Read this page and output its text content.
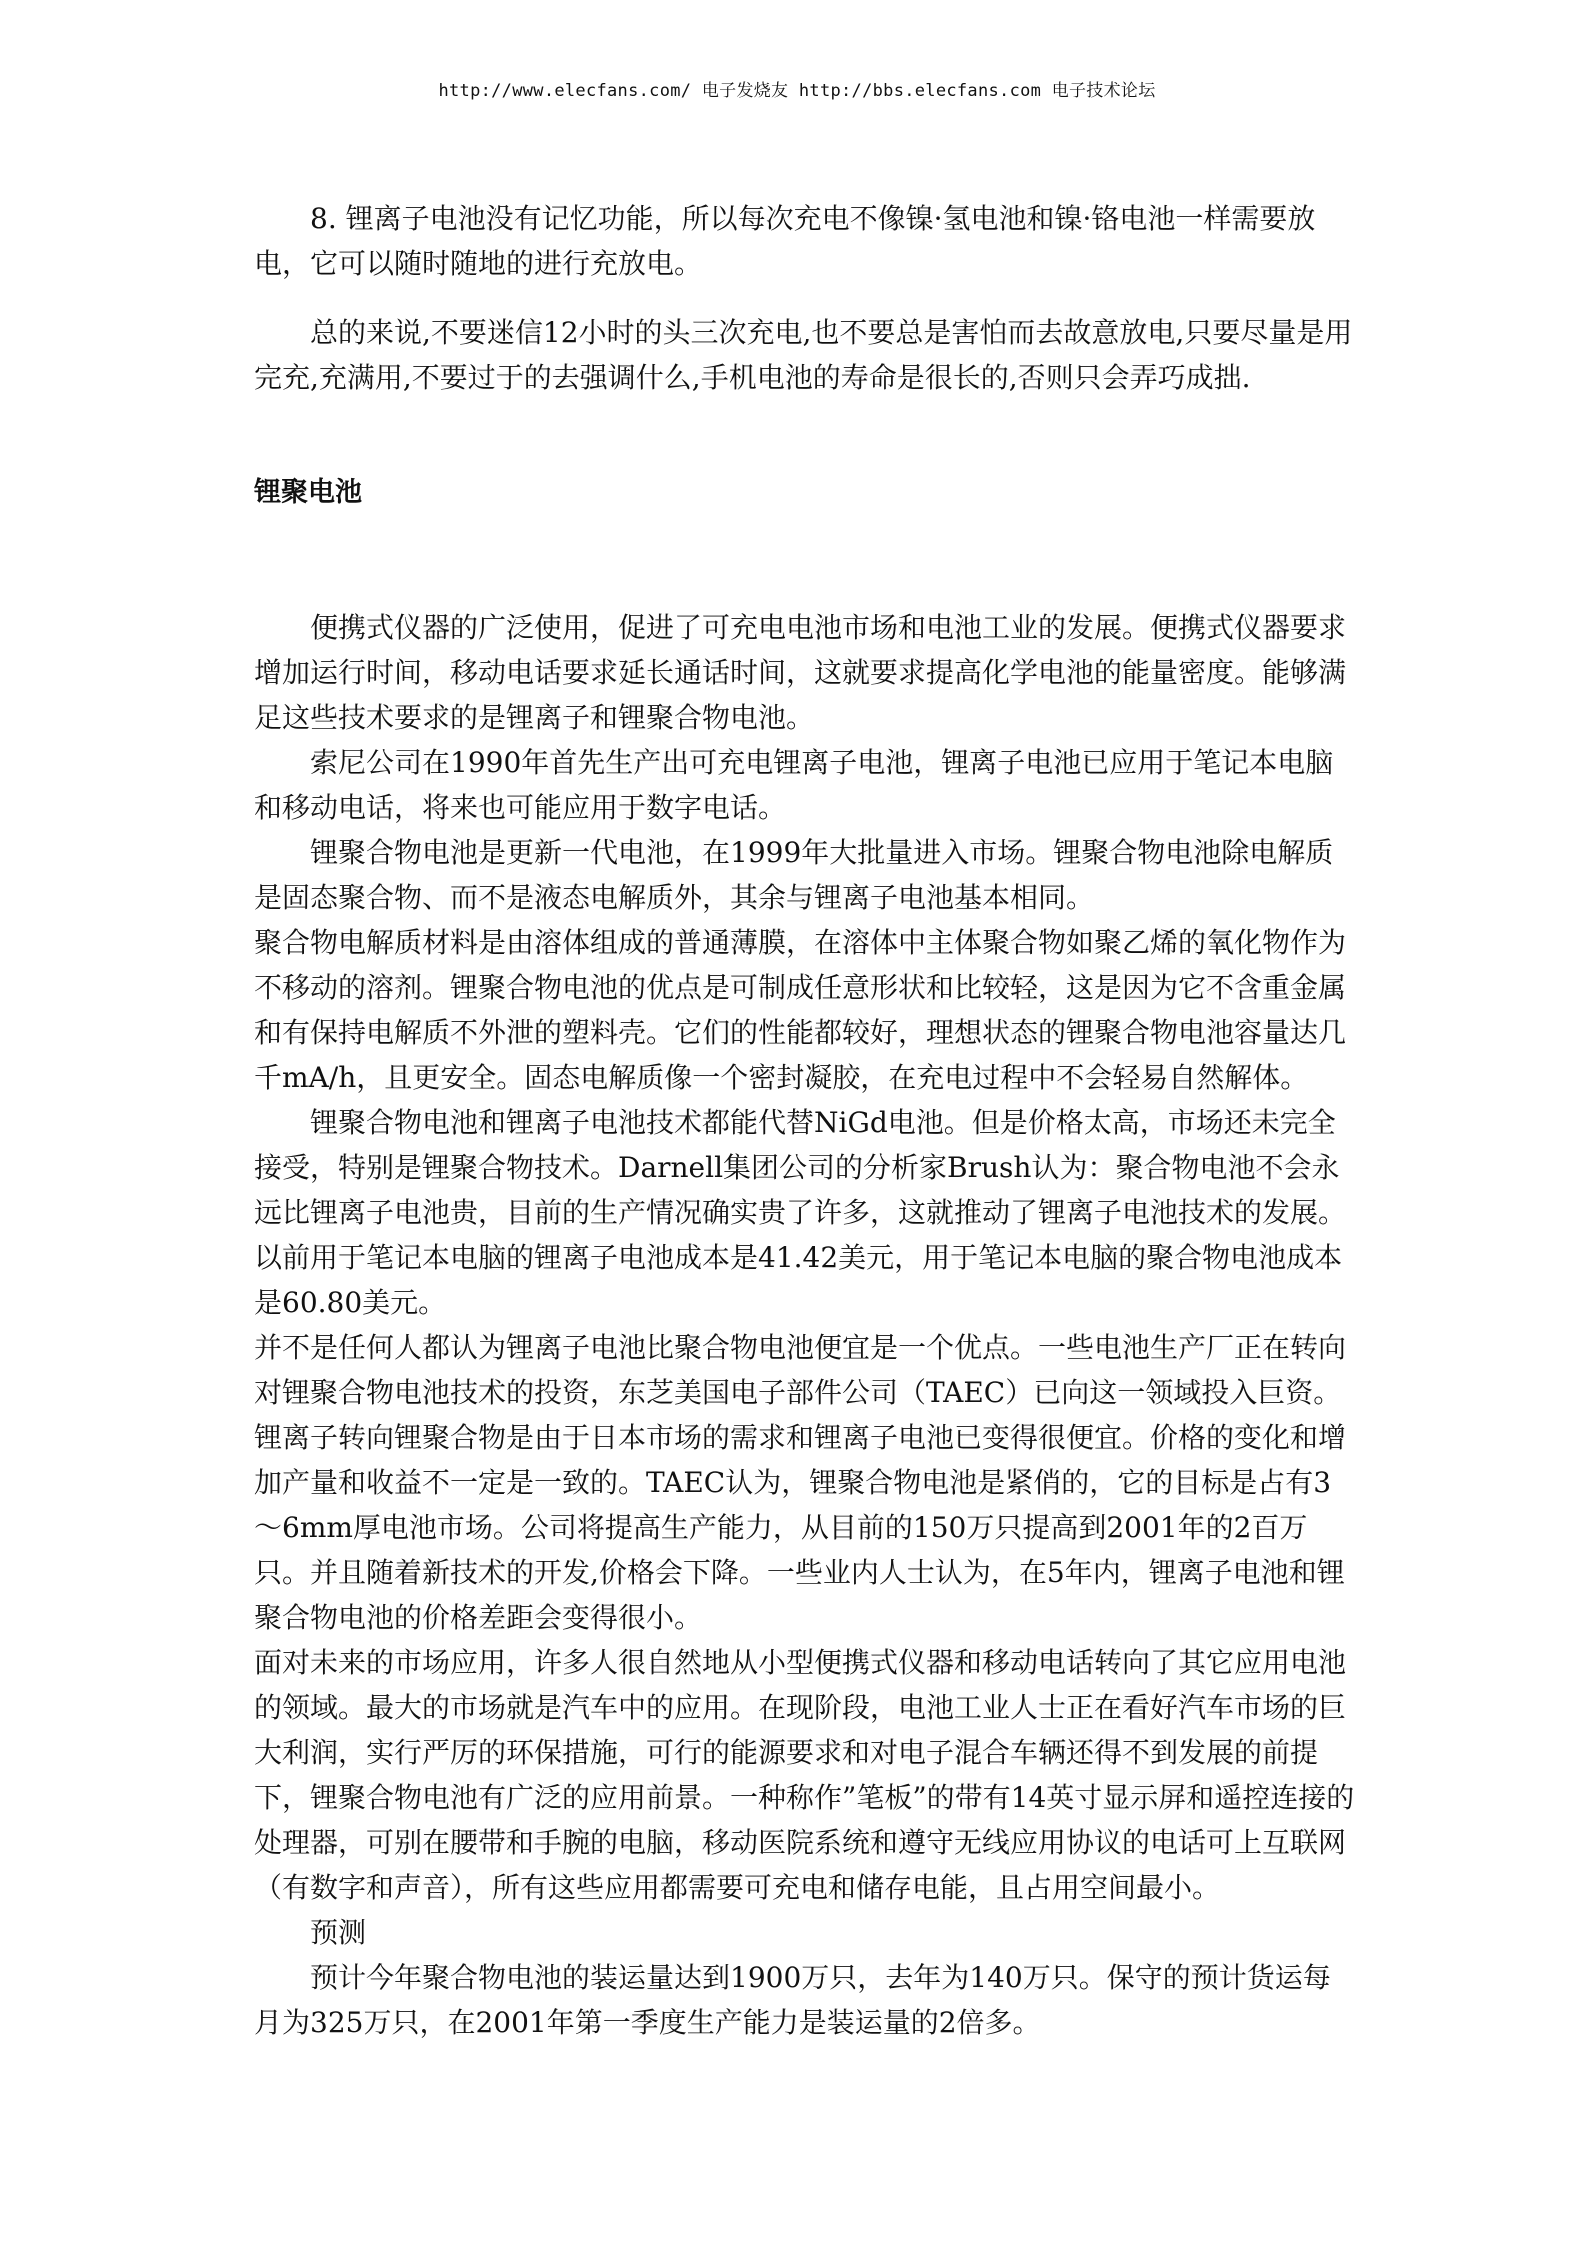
http://www.elecfans.com/ 电子发烧友 http://bbs.elecfans.com 电子技术论坛

8. 锂离子电池没有记忆功能，所以每次充电不像镍·氢电池和镍·铬电池一样需要放电，它可以随时随地的进行充放电。

总的来说,不要迷信12小时的头三次充电,也不要总是害怕而去故意放电,只要尽量是用完充,充满用,不要过于的去强调什么,手机电池的寿命是很长的,否则只会弄巧成拙.

锂聚电池

便携式仪器的广泛使用，促进了可充电电池市场和电池工业的发展。便携式仪器要求增加运行时间，移动电话要求延长通话时间，这就要求提高化学电池的能量密度。能够满足这些技术要求的是锂离子和锂聚合物电池。

索尼公司在1990年首先生产出可充电锂离子电池，锂离子电池已应用于笔记本电脑和移动电话，将来也可能应用于数字电话。

锂聚合物电池是更新一代电池，在1999年大批量进入市场。锂聚合物电池除电解质是固态聚合物、而不是液态电解质外，其余与锂离子电池基本相同。

聚合物电解质材料是由溶体组成的普通薄膜，在溶体中主体聚合物如聚乙烯的氧化物作为不移动的溶剂。锂聚合物电池的优点是可制成任意形状和比较轻，这是因为它不含重金属和有保持电解质不外泄的塑料壳。它们的性能都较好，理想状态的锂聚合物电池容量达几千mA/h，且更安全。固态电解质像一个密封凝胶，在充电过程中不会轻易自然解体。

锂聚合物电池和锂离子电池技术都能代替NiGd电池。但是价格太高，市场还未完全接受，特别是锂聚合物技术。Darnell集团公司的分析家Brush认为：聚合物电池不会永远比锂离子电池贵，目前的生产情况确实贵了许多，这就推动了锂离子电池技术的发展。以前用于笔记本电脑的锂离子电池成本是41.42美元，用于笔记本电脑的聚合物电池成本是60.80美元。

并不是任何人都认为锂离子电池比聚合物电池便宜是一个优点。一些电池生产厂正在转向对锂聚合物电池技术的投资，东芝美国电子部件公司（TAEC）已向这一领域投入巨资。锂离子转向锂聚合物是由于日本市场的需求和锂离子电池已变得很便宜。价格的变化和增加产量和收益不一定是一致的。TAEC认为，锂聚合物电池是紧俏的，它的目标是占有3～6mm厚电池市场。公司将提高生产能力，从目前的150万只提高到2001年的2百万只。并且随着新技术的开发,价格会下降。一些业内人士认为，在5年内，锂离子电池和锂聚合物电池的价格差距会变得很小。

面对未来的市场应用，许多人很自然地从小型便携式仪器和移动电话转向了其它应用电池的领域。最大的市场就是汽车中的应用。在现阶段，电池工业人士正在看好汽车市场的巨大利润，实行严厉的环保措施，可行的能源要求和对电子混合车辆还得不到发展的前提下，锂聚合物电池有广泛的应用前景。一种称作”笔板”的带有14英寸显示屏和遥控连接的处理器，可别在腰带和手腕的电脑，移动医院系统和遵守无线应用协议的电话可上互联网（有数字和声音），所有这些应用都需要可充电和储存电能，且占用空间最小。

预测

预计今年聚合物电池的装运量达到1900万只，去年为140万只。保守的预计货运每月为325万只，在2001年第一季度生产能力是装运量的2倍多。
